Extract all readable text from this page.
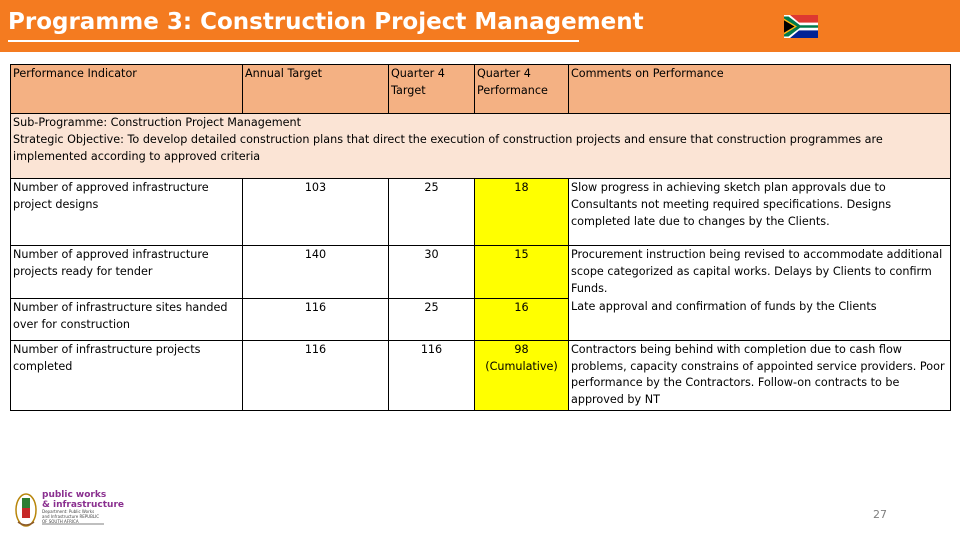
Programme 3: Construction Project Management
Performance Indicator	Annual Target	Quarter 4 Target	Quarter 4 Performance	Comments on Performance

Sub-Programme: Construction Project Management
Strategic Objective: To develop detailed construction plans that direct the execution of construction projects and ensure that construction programmes are implemented according to approved criteria				

Number of approved infrastructure project designs	103	25	18	Slow progress in achieving sketch plan approvals due to Consultants not meeting required specifications. Designs completed late due to changes by the Clients.
Number of approved infrastructure projects ready for tender	140	30	15	Procurement instruction being revised to accommodate additional scope categorized as capital works. Delays by Clients to confirm Funds.
Number of infrastructure sites handed over for construction	116	25	16	Late approval and confirmation of funds by the Clients
Number of infrastructure projects completed	116	116	98 (Cumulative)	Contractors being behind with completion due to cash flow problems, capacity constrains of appointed service providers. Poor performance by the Contractors. Follow-on contracts to be approved by NT
public works
& infrastructure
Department: Public Works and Infrastructure REPUBLIC OF SOUTH AFRICA
27
